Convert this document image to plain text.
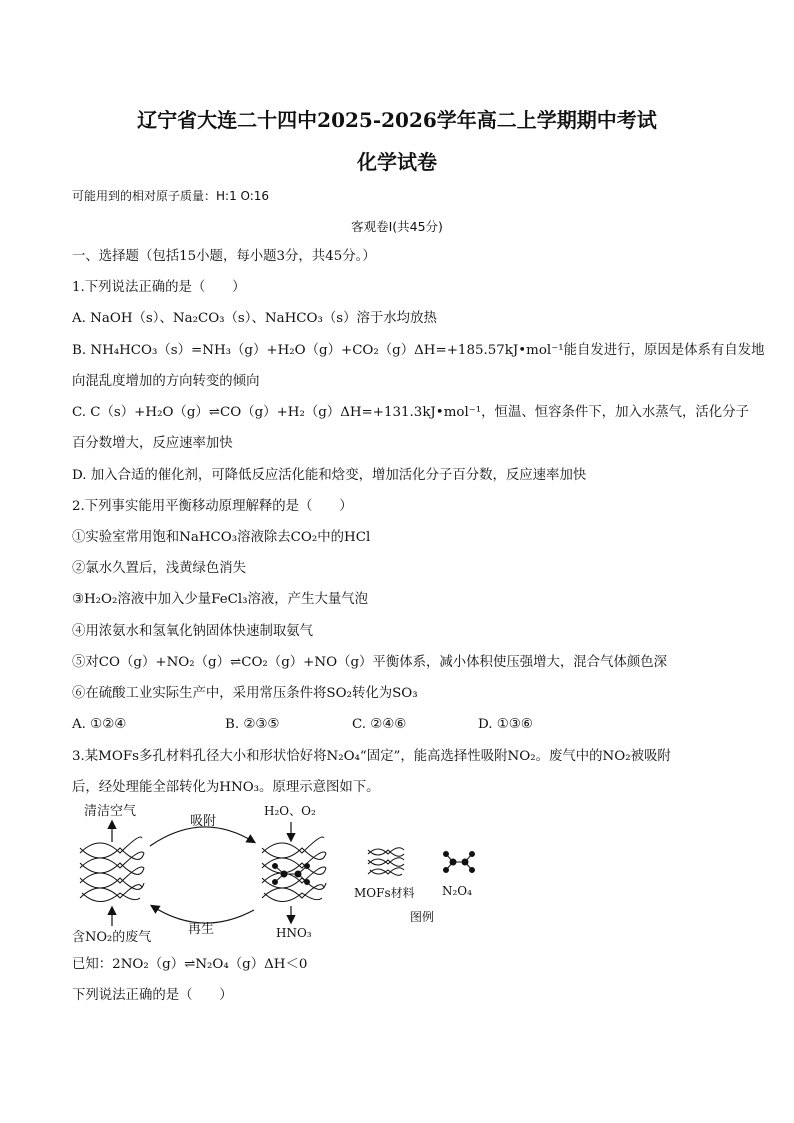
辽宁省大连二十四中2025-2026学年高二上学期期中考试
化学试卷
可能用到的相对原子质量：H:1 O:16
客观卷Ⅰ(共45分)
一、选择题（包括15小题，每小题3分，共45分。）
1.下列说法正确的是（　　）
A. NaOH（s）、Na₂CO₃（s）、NaHCO₃（s）溶于水均放热
B. NH₄HCO₃（s）=NH₃（g）+H₂O（g）+CO₂（g）ΔH=+185.57kJ•mol⁻¹能自发进行，原因是体系有自发地
向混乱度增加的方向转变的倾向
C. C（s）+H₂O（g）⇌CO（g）+H₂（g）ΔH=+131.3kJ•mol⁻¹，恒温、恒容条件下，加入水蒸气，活化分子
百分数增大，反应速率加快
D. 加入合适的催化剂，可降低反应活化能和焓变，增加活化分子百分数，反应速率加快
2.下列事实能用平衡移动原理解释的是（　　）
①实验室常用饱和NaHCO₃溶液除去CO₂中的HCl
②氯水久置后，浅黄绿色消失
③H₂O₂溶液中加入少量FeCl₃溶液，产生大量气泡
④用浓氨水和氢氧化钠固体快速制取氨气
⑤对CO（g）+NO₂（g）⇌CO₂（g）+NO（g）平衡体系，减小体积使压强增大，混合气体颜色深
⑥在硫酸工业实际生产中，采用常压条件将SO₂转化为SO₃
A. ①②④	B. ②③⑤	C. ②④⑥	D. ①③⑥
3.某MOFs多孔材料孔径大小和形状恰好将N₂O₄“固定”，能高选择性吸附NO₂。废气中的NO₂被吸附
后，经处理能全部转化为HNO₃。原理示意图如下。
清洁空气
吸附
H₂O、O₂
再生
含NO₂的废气	HNO₃
MOFs材料 N₂O₄
图例
已知：2NO₂（g）⇌N₂O₄（g）ΔH＜0
下列说法正确的是（　　）
